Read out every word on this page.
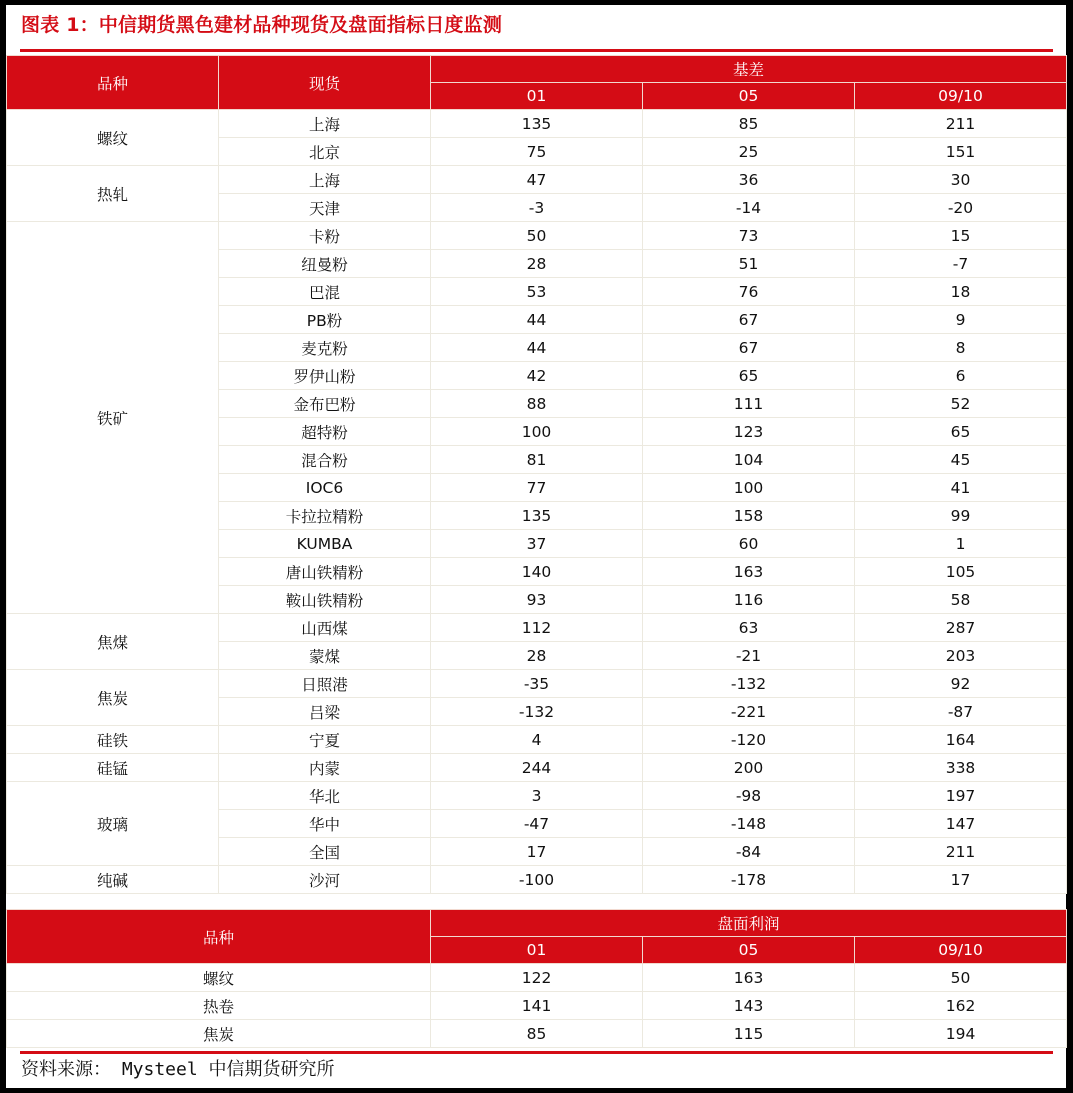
图表 1：中信期货黑色建材品种现货及盘面指标日度监测
品种	现货	基差		
		01	05	09/10
螺纹	上海	135	85	211
	北京	75	25	151
热轧	上海	47	36	30
	天津	-3	-14	-20
铁矿	卡粉	50	73	15
	纽曼粉	28	51	-7
	巴混	53	76	18
	PB粉	44	67	9
	麦克粉	44	67	8
	罗伊山粉	42	65	6
	金布巴粉	88	111	52
	超特粉	100	123	65
	混合粉	81	104	45
	IOC6	77	100	41
	卡拉拉精粉	135	158	99
	KUMBA	37	60	1
	唐山铁精粉	140	163	105
	鞍山铁精粉	93	116	58
焦煤	山西煤	112	63	287
	蒙煤	28	-21	203
焦炭	日照港	-35	-132	92
	吕梁	-132	-221	-87
硅铁	宁夏	4	-120	164
硅锰	内蒙	244	200	338
玻璃	华北	3	-98	197
	华中	-47	-148	147
	全国	17	-84	211
纯碱	沙河	-100	-178	17
品种	盘面利润		
	01	05	09/10
螺纹	122	163	50
热卷	141	143	162
焦炭	85	115	194
资料来源： Mysteel 中信期货研究所
